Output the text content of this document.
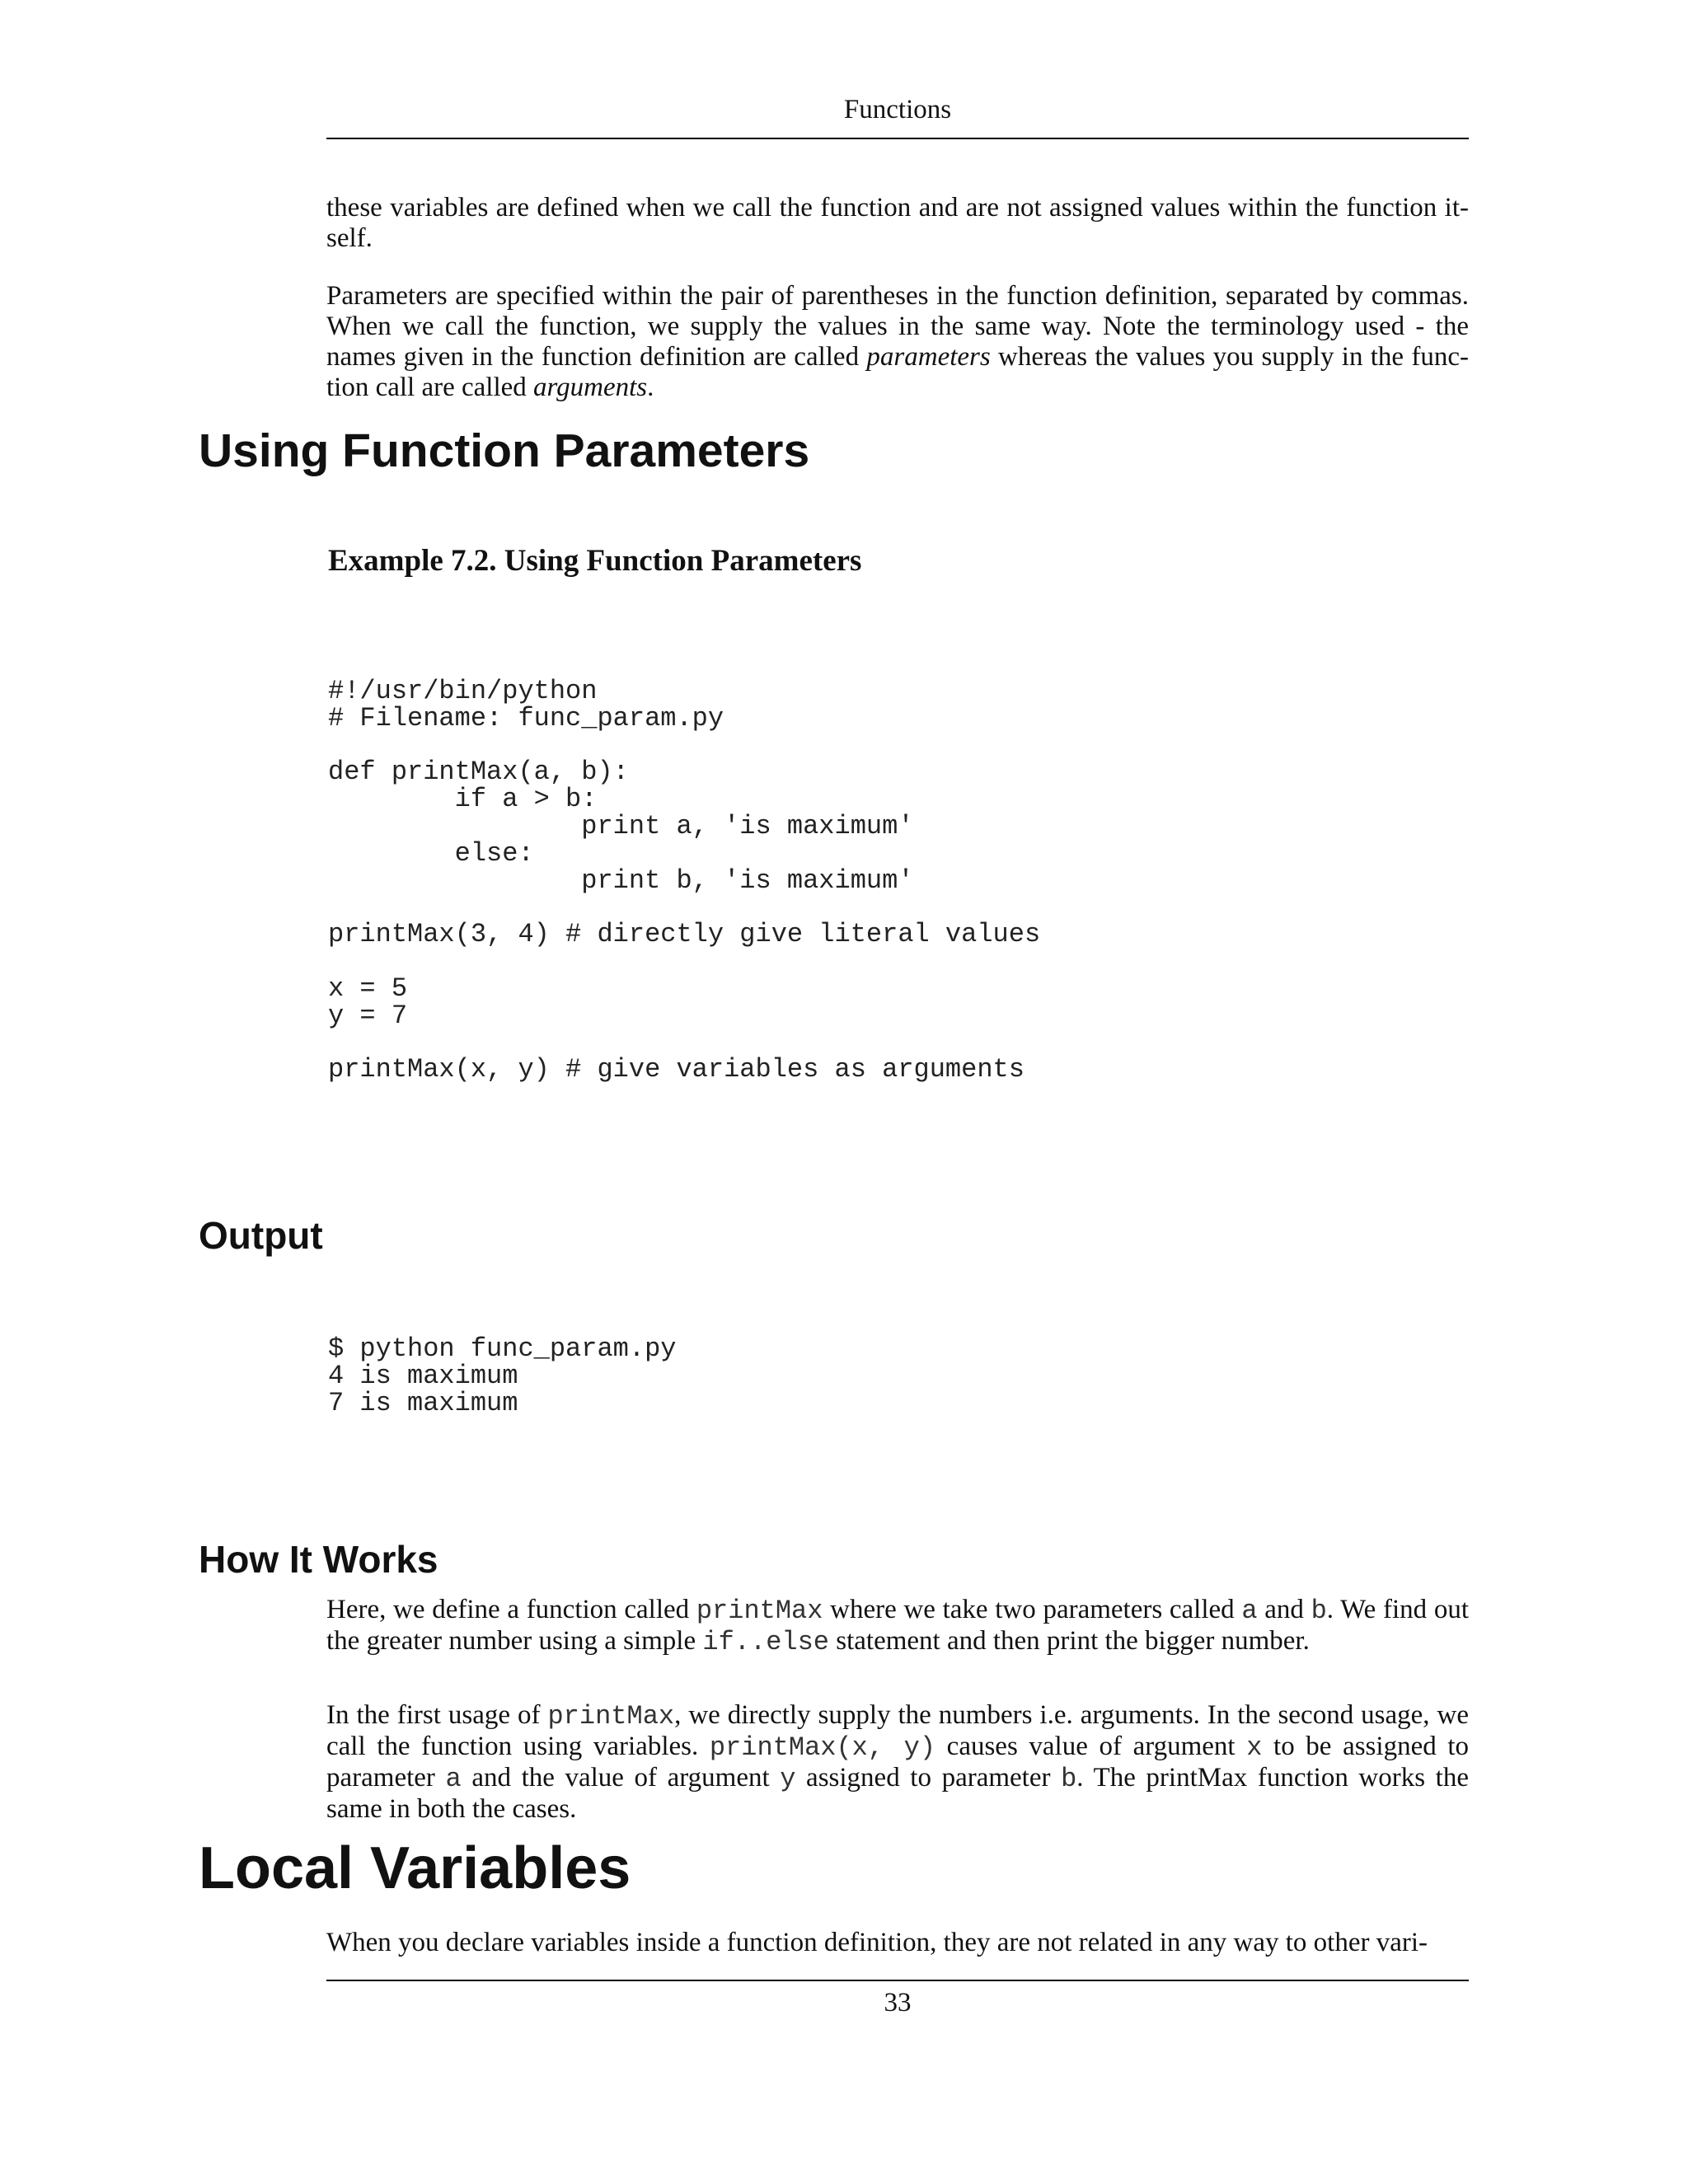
Functions

these variables are defined when we call the function and are not assigned values within the function it-self.

Parameters are specified within the pair of parentheses in the function definition, separated by commas. When we call the function, we supply the values in the same way. Note the terminology used - the names given in the function definition are called parameters whereas the values you supply in the func-tion call are called arguments.

Using Function Parameters
Example 7.2. Using Function Parameters
#!/usr/bin/python
# Filename: func_param.py

def printMax(a, b):
if a > b:
print a, 'is maximum'
else:
print b, 'is maximum'

printMax(3, 4) # directly give literal values

x = 5
y = 7

printMax(x, y) # give variables as arguments
Output
$ python func_param.py
4 is maximum
7 is maximum
How It Works

Here, we define a function called printMax where we take two parameters called a and b. We find out the greater number using a simple if..else statement and then print the bigger number.

In the first usage of printMax, we directly supply the numbers i.e. arguments. In the second usage, we call the function using variables. printMax(x, y) causes value of argument x to be assigned to parameter a and the value of argument y assigned to parameter b. The printMax function works the same in both the cases.

Local Variables

When you declare variables inside a function definition, they are not related in any way to other vari-

33
